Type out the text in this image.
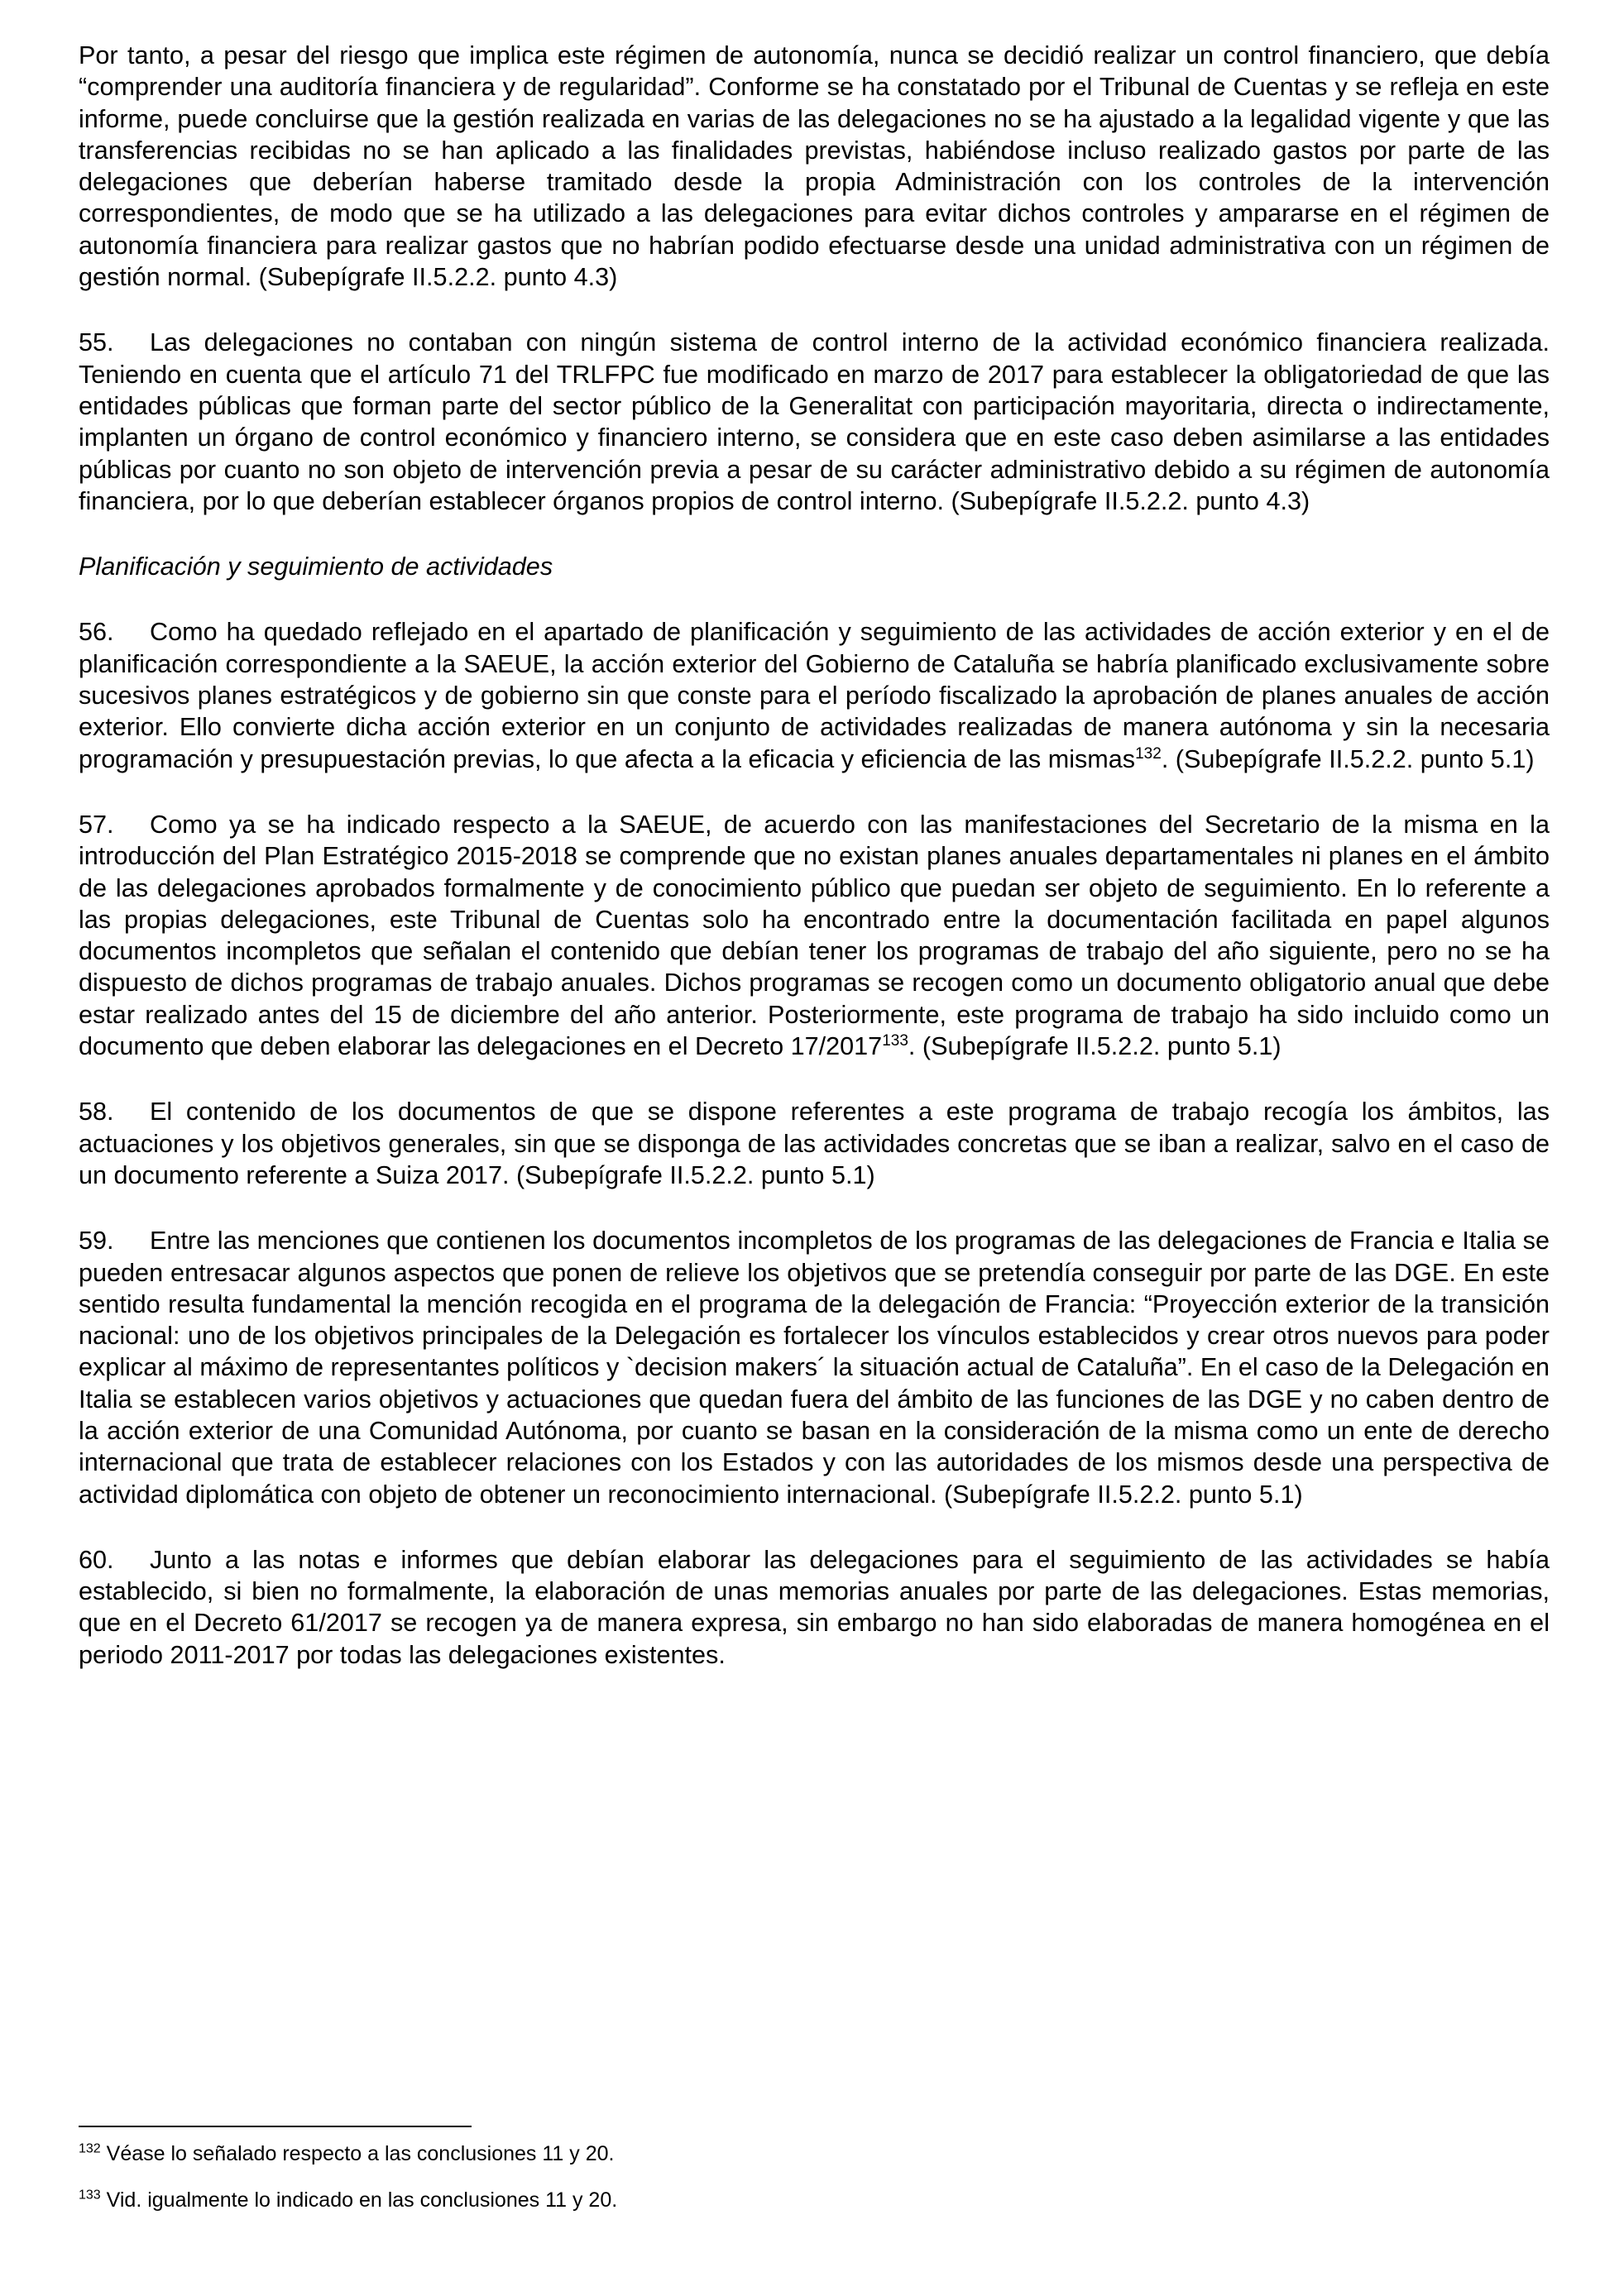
Por tanto, a pesar del riesgo que implica este régimen de autonomía, nunca se decidió realizar un control financiero, que debía “comprender una auditoría financiera y de regularidad”. Conforme se ha constatado por el Tribunal de Cuentas y se refleja en este informe, puede concluirse que la gestión realizada en varias de las delegaciones no se ha ajustado a la legalidad vigente y que las transferencias recibidas no se han aplicado a las finalidades previstas, habiéndose incluso realizado gastos por parte de las delegaciones que deberían haberse tramitado desde la propia Administración con los controles de la intervención correspondientes, de modo que se ha utilizado a las delegaciones para evitar dichos controles y ampararse en el régimen de autonomía financiera para realizar gastos que no habrían podido efectuarse desde una unidad administrativa con un régimen de gestión normal. (Subepígrafe II.5.2.2. punto 4.3)

55. Las delegaciones no contaban con ningún sistema de control interno de la actividad económico financiera realizada. Teniendo en cuenta que el artículo 71 del TRLFPC fue modificado en marzo de 2017 para establecer la obligatoriedad de que las entidades públicas que forman parte del sector público de la Generalitat con participación mayoritaria, directa o indirectamente, implanten un órgano de control económico y financiero interno, se considera que en este caso deben asimilarse a las entidades públicas por cuanto no son objeto de intervención previa a pesar de su carácter administrativo debido a su régimen de autonomía financiera, por lo que deberían establecer órganos propios de control interno. (Subepígrafe II.5.2.2. punto 4.3)

Planificación y seguimiento de actividades

56. Como ha quedado reflejado en el apartado de planificación y seguimiento de las actividades de acción exterior y en el de planificación correspondiente a la SAEUE, la acción exterior del Gobierno de Cataluña se habría planificado exclusivamente sobre sucesivos planes estratégicos y de gobierno sin que conste para el período fiscalizado la aprobación de planes anuales de acción exterior. Ello convierte dicha acción exterior en un conjunto de actividades realizadas de manera autónoma y sin la necesaria programación y presupuestación previas, lo que afecta a la eficacia y eficiencia de las mismas$^{132}$. (Subepígrafe II.5.2.2. punto 5.1)

57. Como ya se ha indicado respecto a la SAEUE, de acuerdo con las manifestaciones del Secretario de la misma en la introducción del Plan Estratégico 2015-2018 se comprende que no existan planes anuales departamentales ni planes en el ámbito de las delegaciones aprobados formalmente y de conocimiento público que puedan ser objeto de seguimiento. En lo referente a las propias delegaciones, este Tribunal de Cuentas solo ha encontrado entre la documentación facilitada en papel algunos documentos incompletos que señalan el contenido que debían tener los programas de trabajo del año siguiente, pero no se ha dispuesto de dichos programas de trabajo anuales. Dichos programas se recogen como un documento obligatorio anual que debe estar realizado antes del 15 de diciembre del año anterior. Posteriormente, este programa de trabajo ha sido incluido como un documento que deben elaborar las delegaciones en el Decreto 17/2017$^{133}$. (Subepígrafe II.5.2.2. punto 5.1)

58. El contenido de los documentos de que se dispone referentes a este programa de trabajo recogía los ámbitos, las actuaciones y los objetivos generales, sin que se disponga de las actividades concretas que se iban a realizar, salvo en el caso de un documento referente a Suiza 2017. (Subepígrafe II.5.2.2. punto 5.1)

59. Entre las menciones que contienen los documentos incompletos de los programas de las delegaciones de Francia e Italia se pueden entresacar algunos aspectos que ponen de relieve los objetivos que se pretendía conseguir por parte de las DGE. En este sentido resulta fundamental la mención recogida en el programa de la delegación de Francia: “Proyección exterior de la transición nacional: uno de los objetivos principales de la Delegación es fortalecer los vínculos establecidos y crear otros nuevos para poder explicar al máximo de representantes políticos y `decision makers´ la situación actual de Cataluña”. En el caso de la Delegación en Italia se establecen varios objetivos y actuaciones que quedan fuera del ámbito de las funciones de las DGE y no caben dentro de la acción exterior de una Comunidad Autónoma, por cuanto se basan en la consideración de la misma como un ente de derecho internacional que trata de establecer relaciones con los Estados y con las autoridades de los mismos desde una perspectiva de actividad diplomática con objeto de obtener un reconocimiento internacional. (Subepígrafe II.5.2.2. punto 5.1)

60. Junto a las notas e informes que debían elaborar las delegaciones para el seguimiento de las actividades se había establecido, si bien no formalmente, la elaboración de unas memorias anuales por parte de las delegaciones. Estas memorias, que en el Decreto 61/2017 se recogen ya de manera expresa, sin embargo no han sido elaboradas de manera homogénea en el periodo 2011-2017 por todas las delegaciones existentes.

$^{132}$ Véase lo señalado respecto a las conclusiones 11 y 20.

$^{133}$ Vid. igualmente lo indicado en las conclusiones 11 y 20.
